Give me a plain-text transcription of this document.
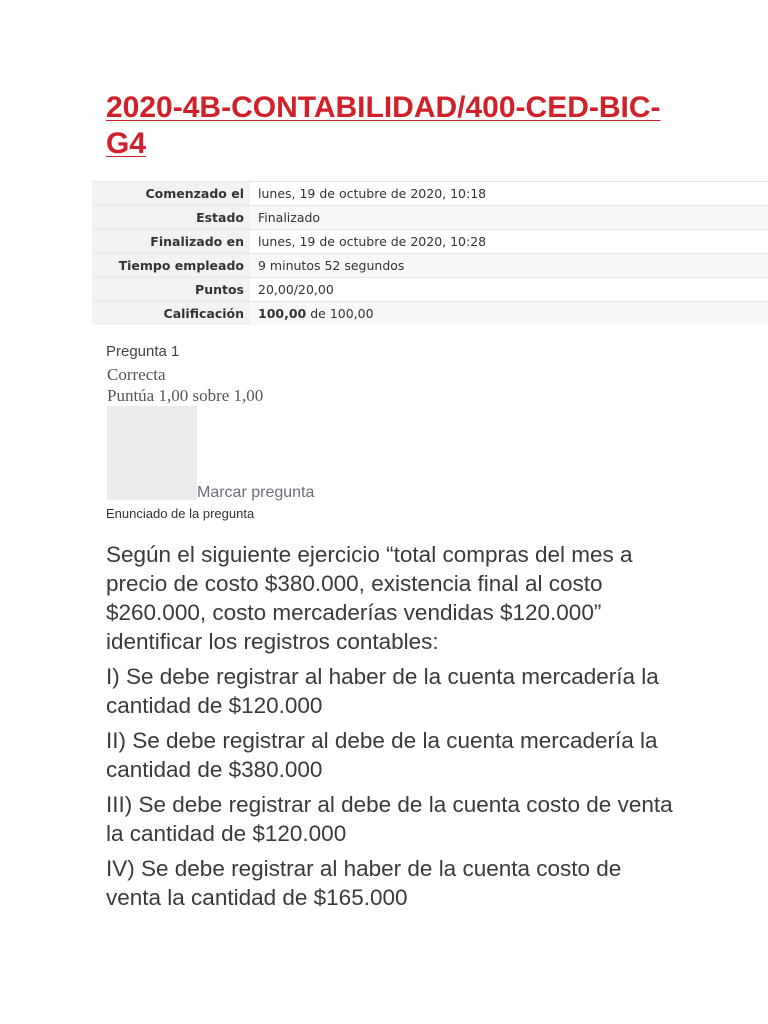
2020-4B-CONTABILIDAD/400-CED-BIC-G4
Comenzado el	lunes, 19 de octubre de 2020, 10:18
Estado	Finalizado
Finalizado en	lunes, 19 de octubre de 2020, 10:28
Tiempo empleado	9 minutos 52 segundos
Puntos	20,00/20,00
Calificación	100,00 de 100,00
Pregunta 1
Correcta
Puntúa 1,00 sobre 1,00
Marcar pregunta
Enunciado de la pregunta

Según el siguiente ejercicio “total compras del mes a precio de costo $380.000, existencia final al costo $260.000, costo mercaderías vendidas $120.000” identificar los registros contables:

I) Se debe registrar al haber de la cuenta mercadería la cantidad de $120.000

II) Se debe registrar al debe de la cuenta mercadería la cantidad de $380.000

III) Se debe registrar al debe de la cuenta costo de venta la cantidad de $120.000

IV) Se debe registrar al haber de la cuenta costo de venta la cantidad de $165.000
